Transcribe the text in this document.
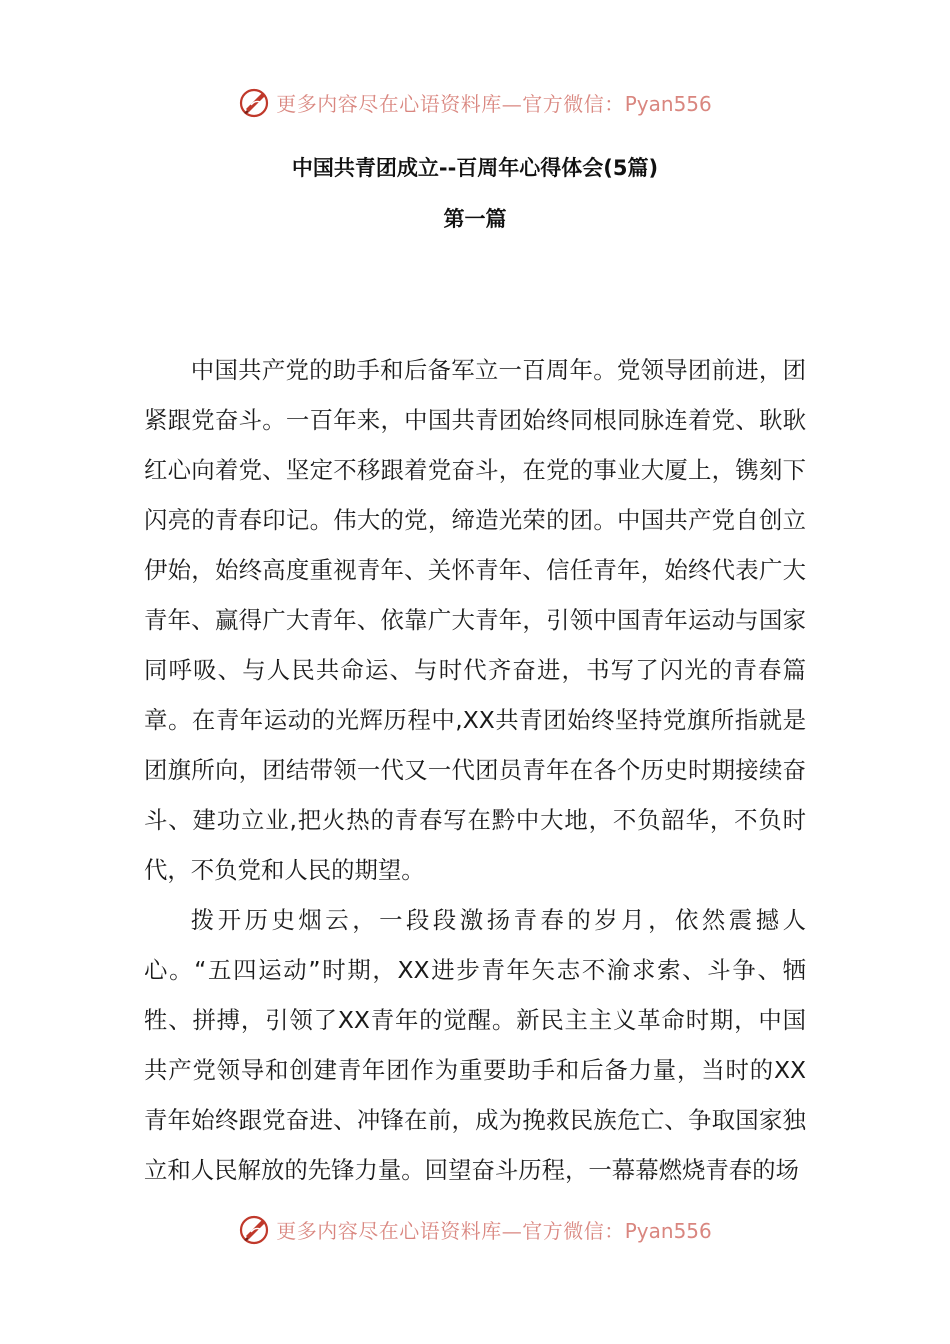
更多内容尽在心语资料库—官方微信：Pyan556
中国共青团成立--百周年心得体会(5篇)
第一篇

中国共产党的助手和后备军立一百周年。党领导团前进，团紧跟党奋斗。一百年来，中国共青团始终同根同脉连着党、耿耿红心向着党、坚定不移跟着党奋斗，在党的事业大厦上，镌刻下闪亮的青春印记。伟大的党，缔造光荣的团。中国共产党自创立伊始，始终高度重视青年、关怀青年、信任青年，始终代表广大青年、赢得广大青年、依靠广大青年，引领中国青年运动与国家同呼吸、与人民共命运、与时代齐奋进，书写了闪光的青春篇章。在青年运动的光辉历程中,XX共青团始终坚持党旗所指就是团旗所向，团结带领一代又一代团员青年在各个历史时期接续奋斗、建功立业,把火热的青春写在黔中大地，不负韶华，不负时代，不负党和人民的期望。

拨开历史烟云，一段段激扬青春的岁月，依然震撼人心。“五四运动”时期，XX进步青年矢志不渝求索、斗争、牺牲、拼搏，引领了XX青年的觉醒。新民主主义革命时期，中国共产党领导和创建青年团作为重要助手和后备力量，当时的XX青年始终跟党奋进、冲锋在前，成为挽救民族危亡、争取国家独立和人民解放的先锋力量。回望奋斗历程，一幕幕燃烧青春的场

更多内容尽在心语资料库—官方微信：Pyan556
